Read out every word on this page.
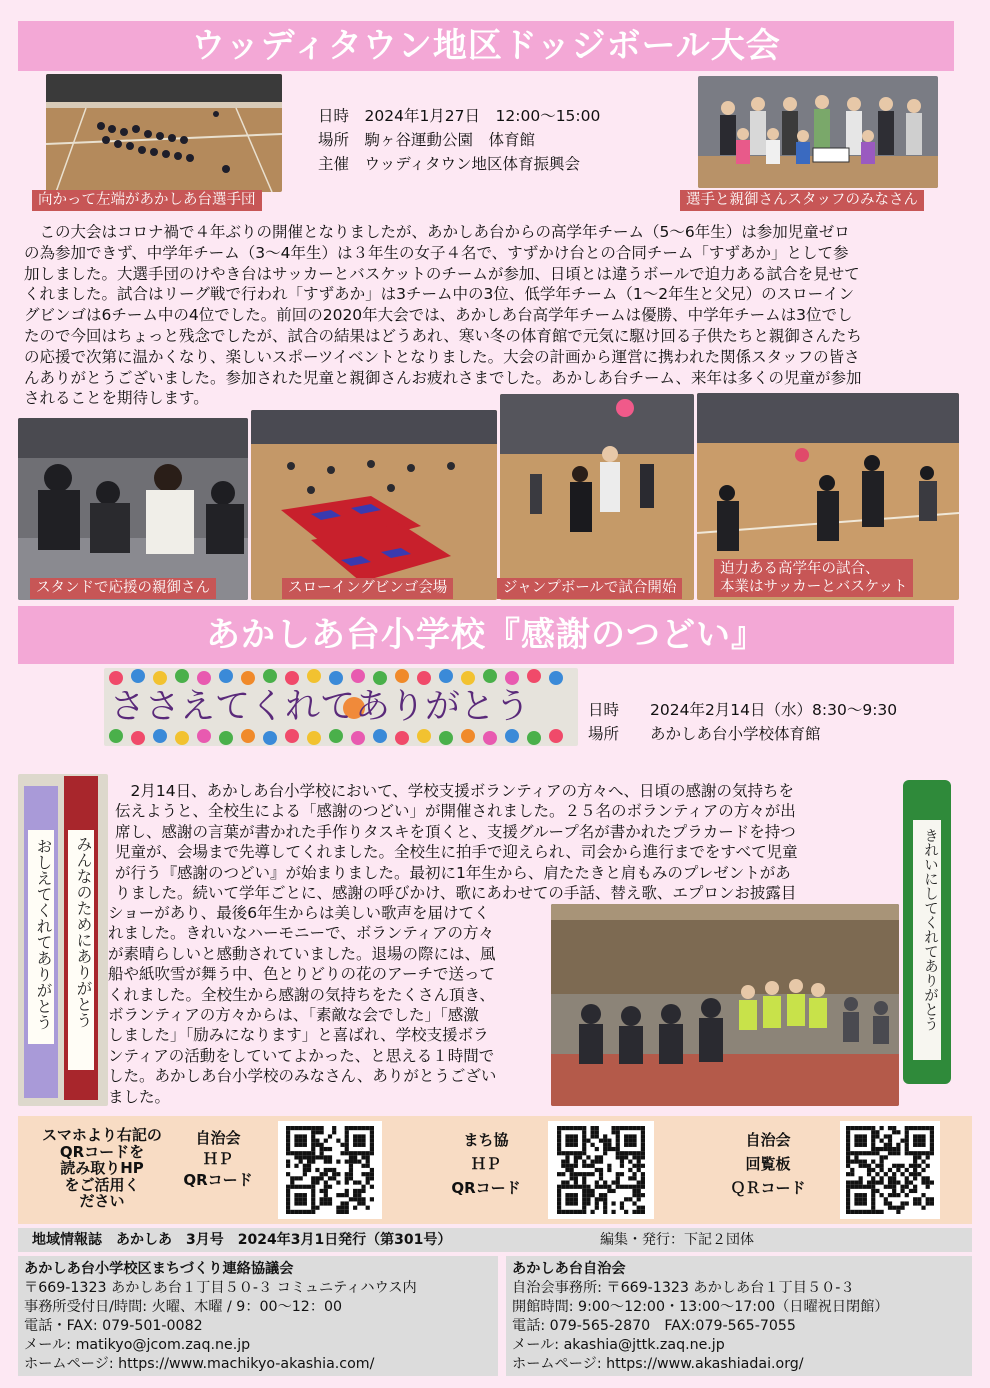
ウッディタウン地区ドッジボール大会
向かって左端があかしあ台選手団
日時　2024年1月27日　12:00～15:00
場所　駒ヶ谷運動公園　体育館
主催　ウッディタウン地区体育振興会
選手と親御さんスタッフのみなさん
　この大会はコロナ禍で４年ぶりの開催となりましたが、あかしあ台からの高学年チーム（5～6年生）は参加児童ゼロ
の為参加できず、中学年チーム（3～4年生）は３年生の女子４名で、すずかけ台との合同チーム「すずあか」として参
加しました。大選手団のけやき台はサッカーとバスケットのチームが参加、日頃とは違うボールで迫力ある試合を見せて
くれました。試合はリーグ戦で行われ「すずあか」は3チーム中の3位、低学年チーム（1～2年生と父兄）のスローイン
グビンゴは6チーム中の4位でした。前回の2020年大会では、あかしあ台高学年チームは優勝、中学年チームは3位でし
たので今回はちょっと残念でしたが、試合の結果はどうあれ、寒い冬の体育館で元気に駆け回る子供たちと親御さんたち
の応援で次第に温かくなり、楽しいスポーツイベントとなりました。大会の計画から運営に携われた関係スタッフの皆さ
んありがとうございました。参加された児童と親御さんお疲れさまでした。あかしあ台チーム、来年は多くの児童が参加
されることを期待します。
スタンドで応援の親御さん	スローイングビンゴ会場	ジャンプボールで試合開始
迫力ある高学年の試合、
本業はサッカーとバスケット
あかしあ台小学校『感謝のつどい』
ささえてくれてありがとう	日時　　2024年2月14日（水）8:30～9:30
場所　　あかしあ台小学校体育館
おしえてくれてありがとう みんなのためにありがとう	きれいにしてくれてありがとう
　2月14日、あかしあ台小学校において、学校支援ボランティアの方々へ、日頃の感謝の気持ちを
伝えようと、全校生による「感謝のつどい」が開催されました。２５名のボランティアの方々が出
席し、感謝の言葉が書かれた手作りタスキを頂くと、支援グループ名が書かれたプラカードを持つ
児童が、会場まで先導してくれました。全校生に拍手で迎えられ、司会から進行までをすべて児童
が行う『感謝のつどい』が始まりました。最初に1年生から、肩たたきと肩もみのプレゼントがあ
りました。続いて学年ごとに、感謝の呼びかけ、歌にあわせての手話、替え歌、エプロンお披露目
ショーがあり、最後6年生からは美しい歌声を届けてく
れました。きれいなハーモニーで、ボランティアの方々
が素晴らしいと感動されていました。退場の際には、風
船や紙吹雪が舞う中、色とりどりの花のアーチで送って
くれました。全校生から感謝の気持ちをたくさん頂き、
ボランティアの方々からは、「素敵な会でした」「感激
しました」「励みになります」と喜ばれ、学校支援ボラ
ンティアの活動をしていてよかった、と思える１時間で
した。あかしあ台小学校のみなさん、ありがとうござい
ました。
スマホより右記の
QRコードを
読み取りHP
をご活用く
ださい
自治会
ＨＰ
QRコード
まち協
ＨＰ
QRコード
自治会
回覧板
ＱＲコード
地域情報誌　あかしあ　3月号　2024年3月1日発行（第301号）	編集・発行：下記２団体
あかしあ台小学校区まちづくり連絡協議会
〒669-1323 あかしあ台１丁目５０-３ コミュニティハウス内
事務所受付日/時間: 火曜、木曜 / 9：00～12：00
電話・FAX: 079-501-0082
メール: matikyo@jcom.zaq.ne.jp
ホームページ: https://www.machikyo-akashia.com/
あかしあ台自治会
自治会事務所: 〒669-1323 あかしあ台１丁目５０-３
開館時間: 9:00～12:00・13:00～17:00（日曜祝日閉館）
電話: 079-565-2870　FAX:079-565-7055
メール: akashia@jttk.zaq.ne.jp
ホームページ: https://www.akashiadai.org/
